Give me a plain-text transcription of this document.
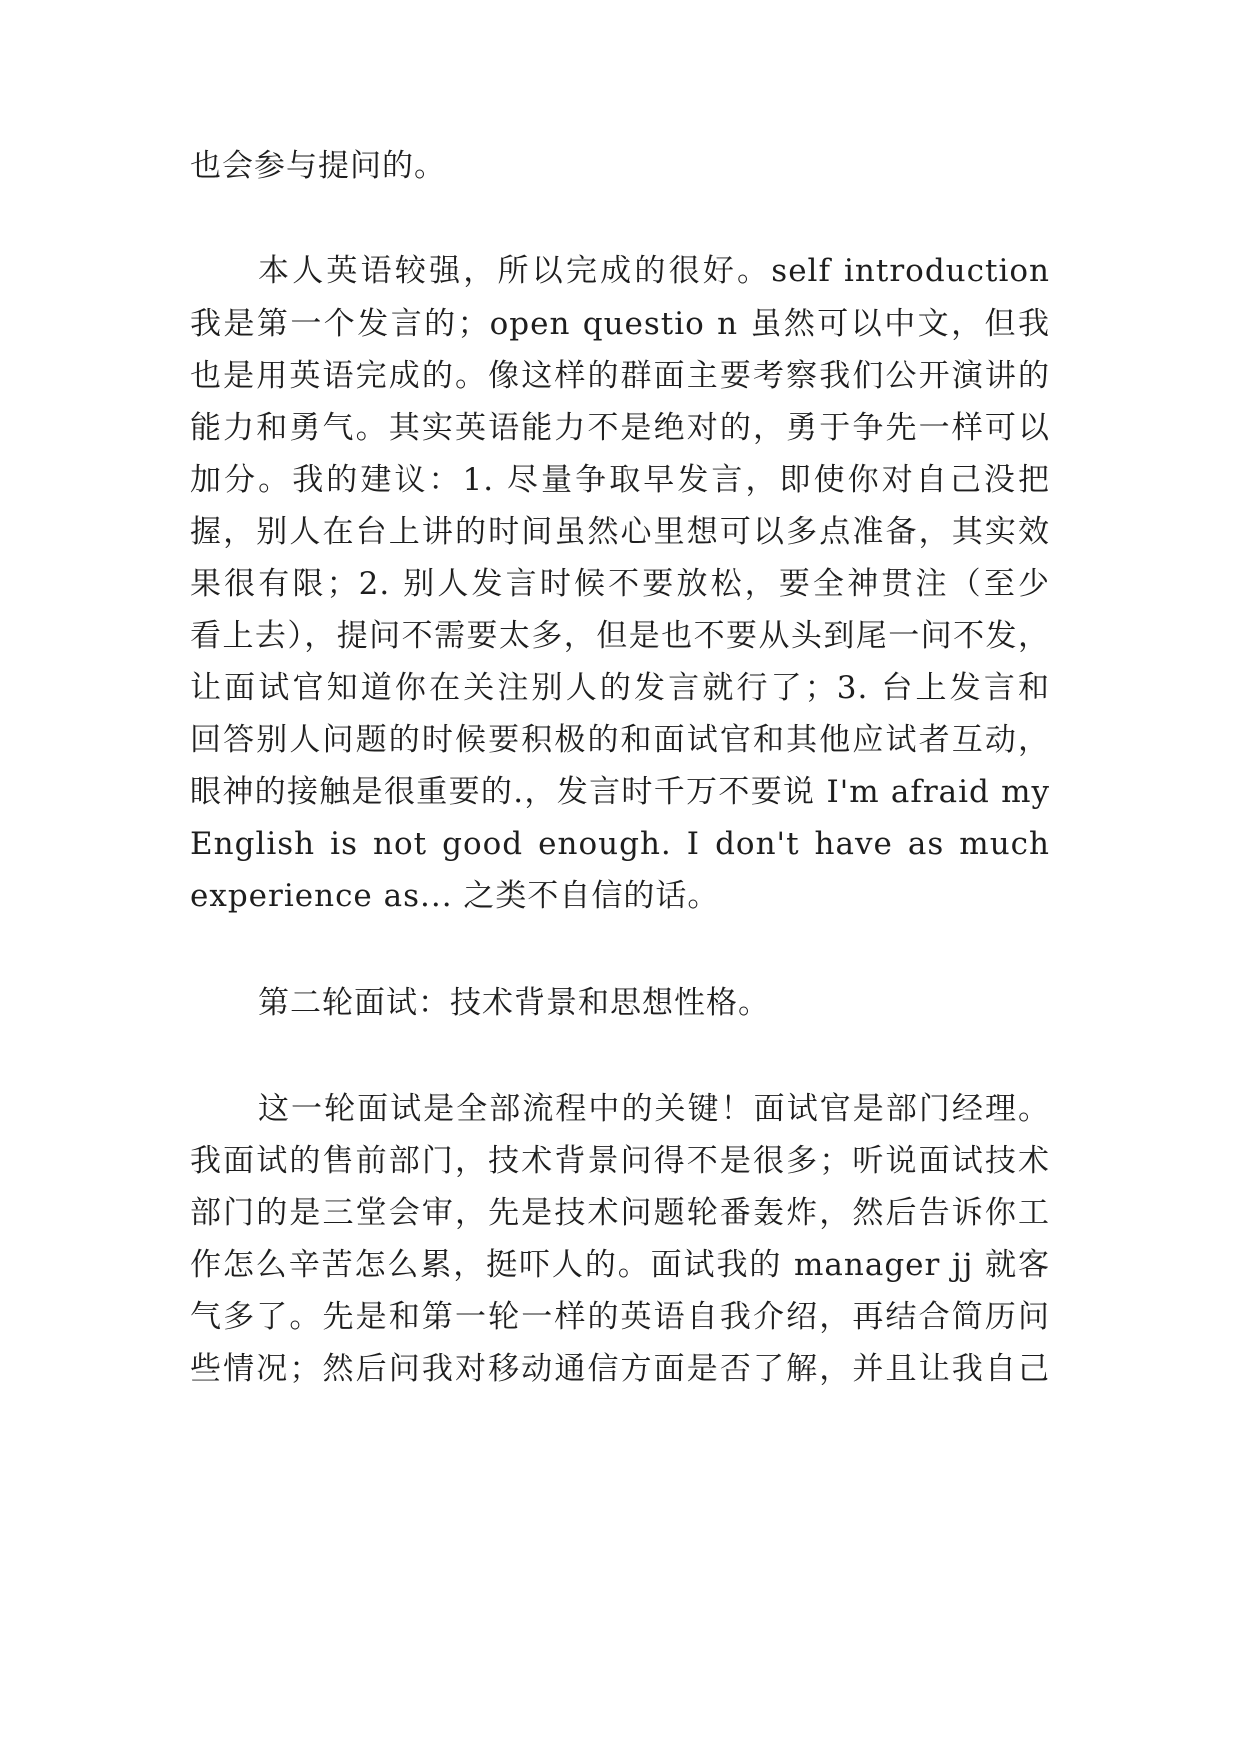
也会参与提问的。
本人英语较强，所以完成的很好。self introduction
我是第一个发言的；open questio n 虽然可以中文，但我
也是用英语完成的。像这样的群面主要考察我们公开演讲的
能力和勇气。其实英语能力不是绝对的，勇于争先一样可以
加分。我的建议：1. 尽量争取早发言，即使你对自己没把
握，别人在台上讲的时间虽然心里想可以多点准备，其实效
果很有限；2. 别人发言时候不要放松，要全神贯注（至少
看上去），提问不需要太多，但是也不要从头到尾一问不发，
让面试官知道你在关注别人的发言就行了；3. 台上发言和
回答别人问题的时候要积极的和面试官和其他应试者互动，
眼神的接触是很重要的.，发言时千万不要说 I'm afraid my
English is not good enough. I don't have as much
experience as... 之类不自信的话。
第二轮面试：技术背景和思想性格。
这一轮面试是全部流程中的关键！面试官是部门经理。
我面试的售前部门，技术背景问得不是很多；听说面试技术
部门的是三堂会审，先是技术问题轮番轰炸，然后告诉你工
作怎么辛苦怎么累，挺吓人的。面试我的 manager jj 就客
气多了。先是和第一轮一样的英语自我介绍，再结合简历问
些情况；然后问我对移动通信方面是否了解，并且让我自己
